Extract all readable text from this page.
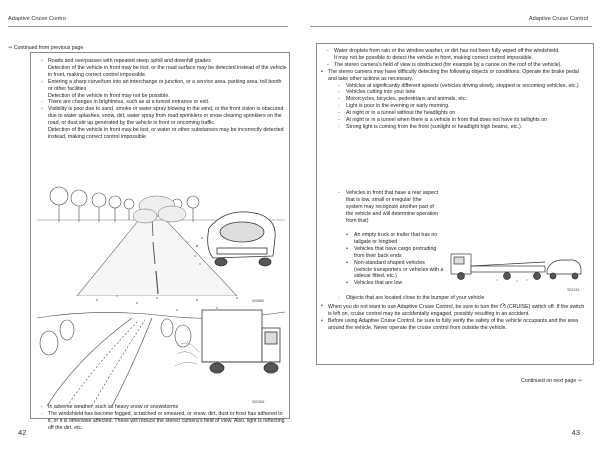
Adaptive Cruise Contro	Adaptive Cruise Control
⇒ Continued from previous page
- Roads and overpasses with repeated steep uphill and downhill grades
Detection of the vehicle in front may be lost, or the road surface may be detected instead of the vehicle in front, making correct control impossible.
- Entering a sharp curve/turn into an interchange or junction, or a service area, parking area, toll booth or other facilities
Detection of the vehicle in front may not be possible.
- There are changes in brightness, such as at a tunnel entrance or exit.
- Visibility is poor due to sand, smoke or water spray blowing in the wind, or the front vision is obscured due to water splashes, snow, dirt, water spray from road sprinklers or snow clearing sprinklers on the road, or dust stir up generated by the vehicle in front or oncoming traffic.
Detection of the vehicle in front may be lost, or water or other substances may be incorrectly detected instead, making correct control impossible.
S00862
S02306
- In adverse weather, such as heavy snow or snowstorms
- The windshield has become fogged, scratched or smeared, or snow, dirt, dust or frost has adhered to it, or it is otherwise affected. These will reduce the stereo camera's field of view. Also, light is reflecting off the dirt, etc.
42
- Water droplets from rain or the window washer, or dirt has not been fully wiped off the windshield.
It may not be possible to detect the vehicle in front, making correct control impossible.
- The stereo camera's field of view is obstructed (for example by a canoe on the roof of the vehicle).
• The stereo camera may have difficulty detecting the following objects or conditions. Operate the brake pedal and take other actions as necessary.
- Vehicles at significantly different speeds (vehicles driving slowly, stopped or oncoming vehicles, etc.)
- Vehicles cutting into your lane
- Motorcycles, bicycles, pedestrians and animals, etc.
- Light is poor in the evening or early morning.
- At night or in a tunnel without the headlights on
- At night or in a tunnel when there is a vehicle in front that does not have its taillights on
- Strong light is coming from the front (sunlight or headlight high beams, etc.).
- Vehicles in front that have a rear aspect that is low, small or irregular (the system may recognize another part of the vehicle and will determine operation from that)
• An empty truck or trailer that has no tailgate or longbed
• Vehicles that have cargo protruding from their back ends
• Non-standard shaped vehicles (vehicle transporters or vehicles with a sidecar fitted, etc.)
• Vehicles that are low
S02133
- Objects that are located close to the bumper of your vehicle
• When you do not want to use Adaptive Cruise Control, be sure to turn the (CRUISE) switch off. If the switch is left on, cruise control may be accidentally engaged, possibly resulting in an accident.
• Before using Adaptive Cruise Control, be sure to fully verify the safety of the vehicle occupants and the area around the vehicle. Never operate the cruise control from outside the vehicle.
Continued on next page ⇒
43
